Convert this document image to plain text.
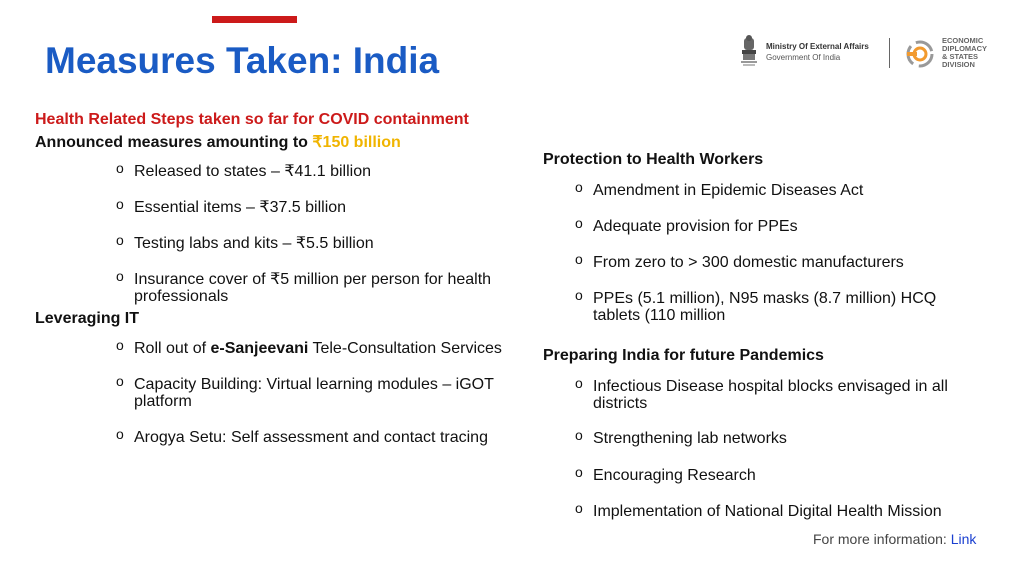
Measures Taken: India	Ministry Of External Affairs
Government Of India
ECONOMIC
DIPLOMACY
& STATES
DIVISION
Health Related Steps taken so far for COVID containment
Announced measures amounting to ₹150 billion
o Released to states – ₹41.1 billion
o Essential items – ₹37.5 billion
o Testing labs and kits – ₹5.5 billion
o Insurance cover of ₹5 million per person for health professionals
Leveraging IT
o Roll out of e-Sanjeevani Tele-Consultation Services
o Capacity Building: Virtual learning modules – iGOT platform
o Arogya Setu: Self assessment and contact tracing
Protection to Health Workers
o Amendment in Epidemic Diseases Act
o Adequate provision for PPEs
o From zero to > 300 domestic manufacturers
o PPEs (5.1 million), N95 masks (8.7 million) HCQ tablets (110 million
Preparing India for future Pandemics
o Infectious Disease hospital blocks envisaged in all districts
o Strengthening lab networks
o Encouraging Research
o Implementation of National Digital Health Mission
For more information: Link
